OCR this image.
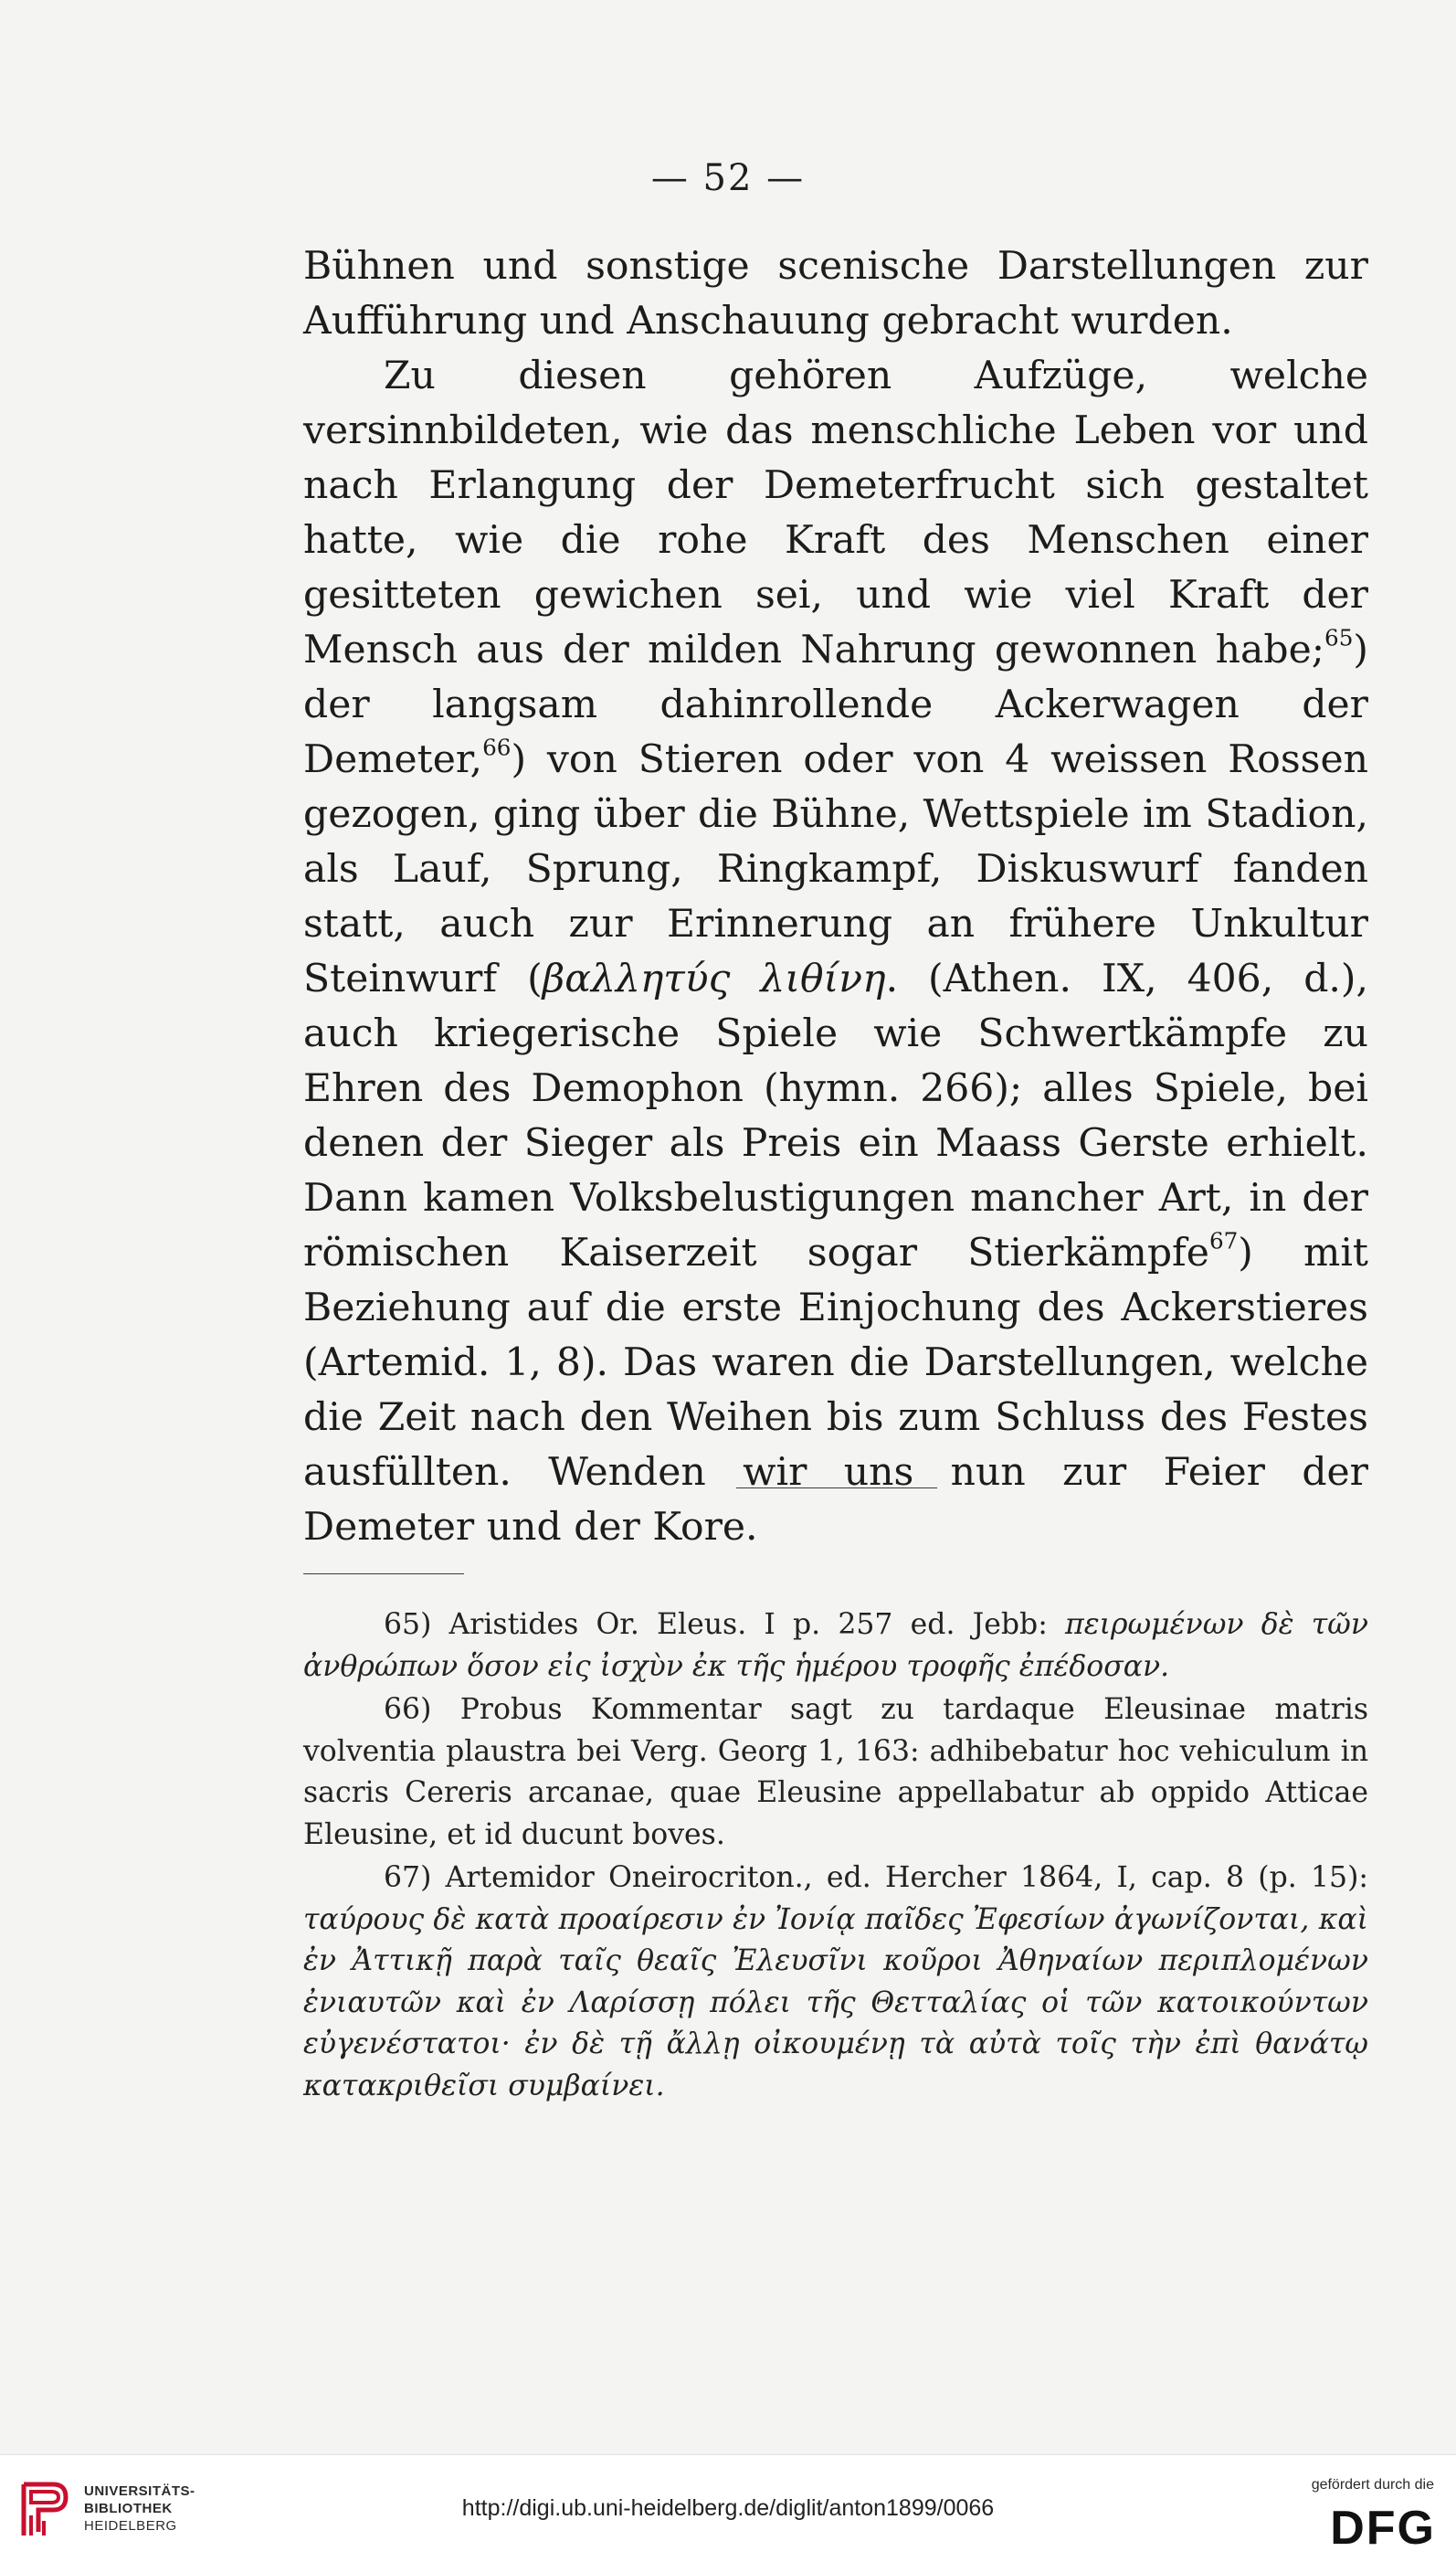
— 52 —

Bühnen und sonstige scenische Darstellungen zur Aufführung und Anschauung gebracht wurden.

Zu diesen gehören Aufzüge, welche versinnbildeten, wie das menschliche Leben vor und nach Erlangung der Demeterfrucht sich gestaltet hatte, wie die rohe Kraft des Menschen einer gesitteten gewichen sei, und wie viel Kraft der Mensch aus der milden Nahrung gewonnen habe;$^{65}$) der langsam dahinrollende Ackerwagen der Demeter,$^{66}$) von Stieren oder von 4 weissen Rossen gezogen, ging über die Bühne, Wettspiele im Stadion, als Lauf, Sprung, Ringkampf, Diskuswurf fanden statt, auch zur Erinnerung an frühere Unkultur Steinwurf (βαλλητύς λιθίνη. (Athen. IX, 406, d.), auch kriegerische Spiele wie Schwertkämpfe zu Ehren des Demophon (hymn. 266); alles Spiele, bei denen der Sieger als Preis ein Maass Gerste erhielt. Dann kamen Volksbelustigungen mancher Art, in der römischen Kaiserzeit sogar Stierkämpfe$^{67}$) mit Beziehung auf die erste Einjochung des Ackerstieres (Artemid. 1, 8). Das waren die Darstellungen, welche die Zeit nach den Weihen bis zum Schluss des Festes ausfüllten. Wenden wir uns nun zur Feier der Demeter und der Kore.

65) Aristides Or. Eleus. I p. 257 ed. Jebb: πειρωμένων δὲ τῶν ἀνθρώπων ὅσον εἰς ἰσχὺν ἐκ τῆς ἡμέρου τροφῆς ἐπέδοσαν.

66) Probus Kommentar sagt zu tardaque Eleusinae matris volventia plaustra bei Verg. Georg 1, 163: adhibebatur hoc vehiculum in sacris Cereris arcanae, quae Eleusine appellabatur ab oppido Atticae Eleusine, et id ducunt boves.

67) Artemidor Oneirocriton., ed. Hercher 1864, I, cap. 8 (p. 15): ταύρους δὲ κατὰ προαίρεσιν ἐν Ἰονίᾳ παῖδες Ἐφεσίων ἀγωνίζονται, καὶ ἐν Ἀττικῇ παρὰ ταῖς θεαῖς Ἐλευσῖνι κοῦροι Ἀθηναίων περιπλομένων ἐνιαυτῶν καὶ ἐν Λαρίσσῃ πόλει τῆς Θετταλίας οἱ τῶν κατοικούντων εὐγενέστατοι· ἐν δὲ τῇ ἄλλῃ οἰκουμένῃ τὰ αὐτὰ τοῖς τὴν ἐπὶ θανάτῳ κατακριθεῖσι συμβαίνει.

UNIVERSITÄTS-
BIBLIOTHEK
HEIDELBERG
http://digi.ub.uni-heidelberg.de/diglit/anton1899/0066
gefördert durch die
DFG
